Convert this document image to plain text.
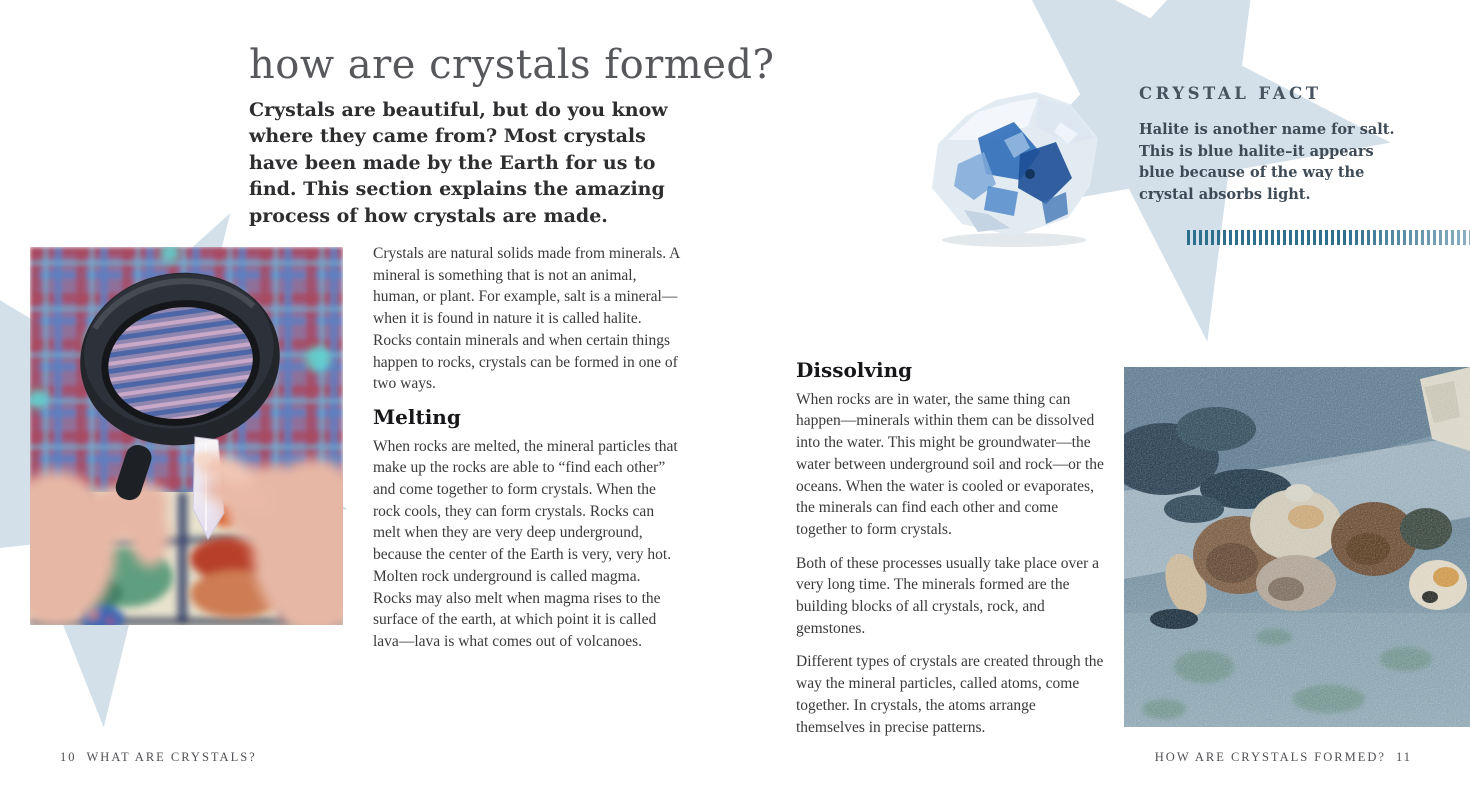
how are crystals formed?
Crystals are beautiful, but do you know where they came from? Most crystals have been made by the Earth for us to find. This section explains the amazing process of how crystals are made.

Crystals are natural solids made from minerals. A mineral is something that is not an animal, human, or plant. For example, salt is a mineral—when it is found in nature it is called halite. Rocks contain minerals and when certain things happen to rocks, crystals can be formed in one of two ways.

Melting

When rocks are melted, the mineral particles that make up the rocks are able to “find each other” and come together to form crystals. When the rock cools, they can form crystals. Rocks can melt when they are very deep underground, because the center of the Earth is very, very hot. Molten rock underground is called magma. Rocks may also melt when magma rises to the surface of the earth, at which point it is called lava—lava is what comes out of volcanoes.

10 WHAT ARE CRYSTALS?
CRYSTAL FACT

Halite is another name for salt. This is blue halite–it appears blue because of the way the crystal absorbs light.

Dissolving

When rocks are in water, the same thing can happen—minerals within them can be dissolved into the water. This might be groundwater—the water between underground soil and rock—or the oceans. When the water is cooled or evaporates, the minerals can find each other and come together to form crystals.

Both of these processes usually take place over a very long time. The minerals formed are the building blocks of all crystals, rock, and gemstones.

Different types of crystals are created through the way the mineral particles, called atoms, come together. In crystals, the atoms arrange themselves in precise patterns.

HOW ARE CRYSTALS FORMED? 11
